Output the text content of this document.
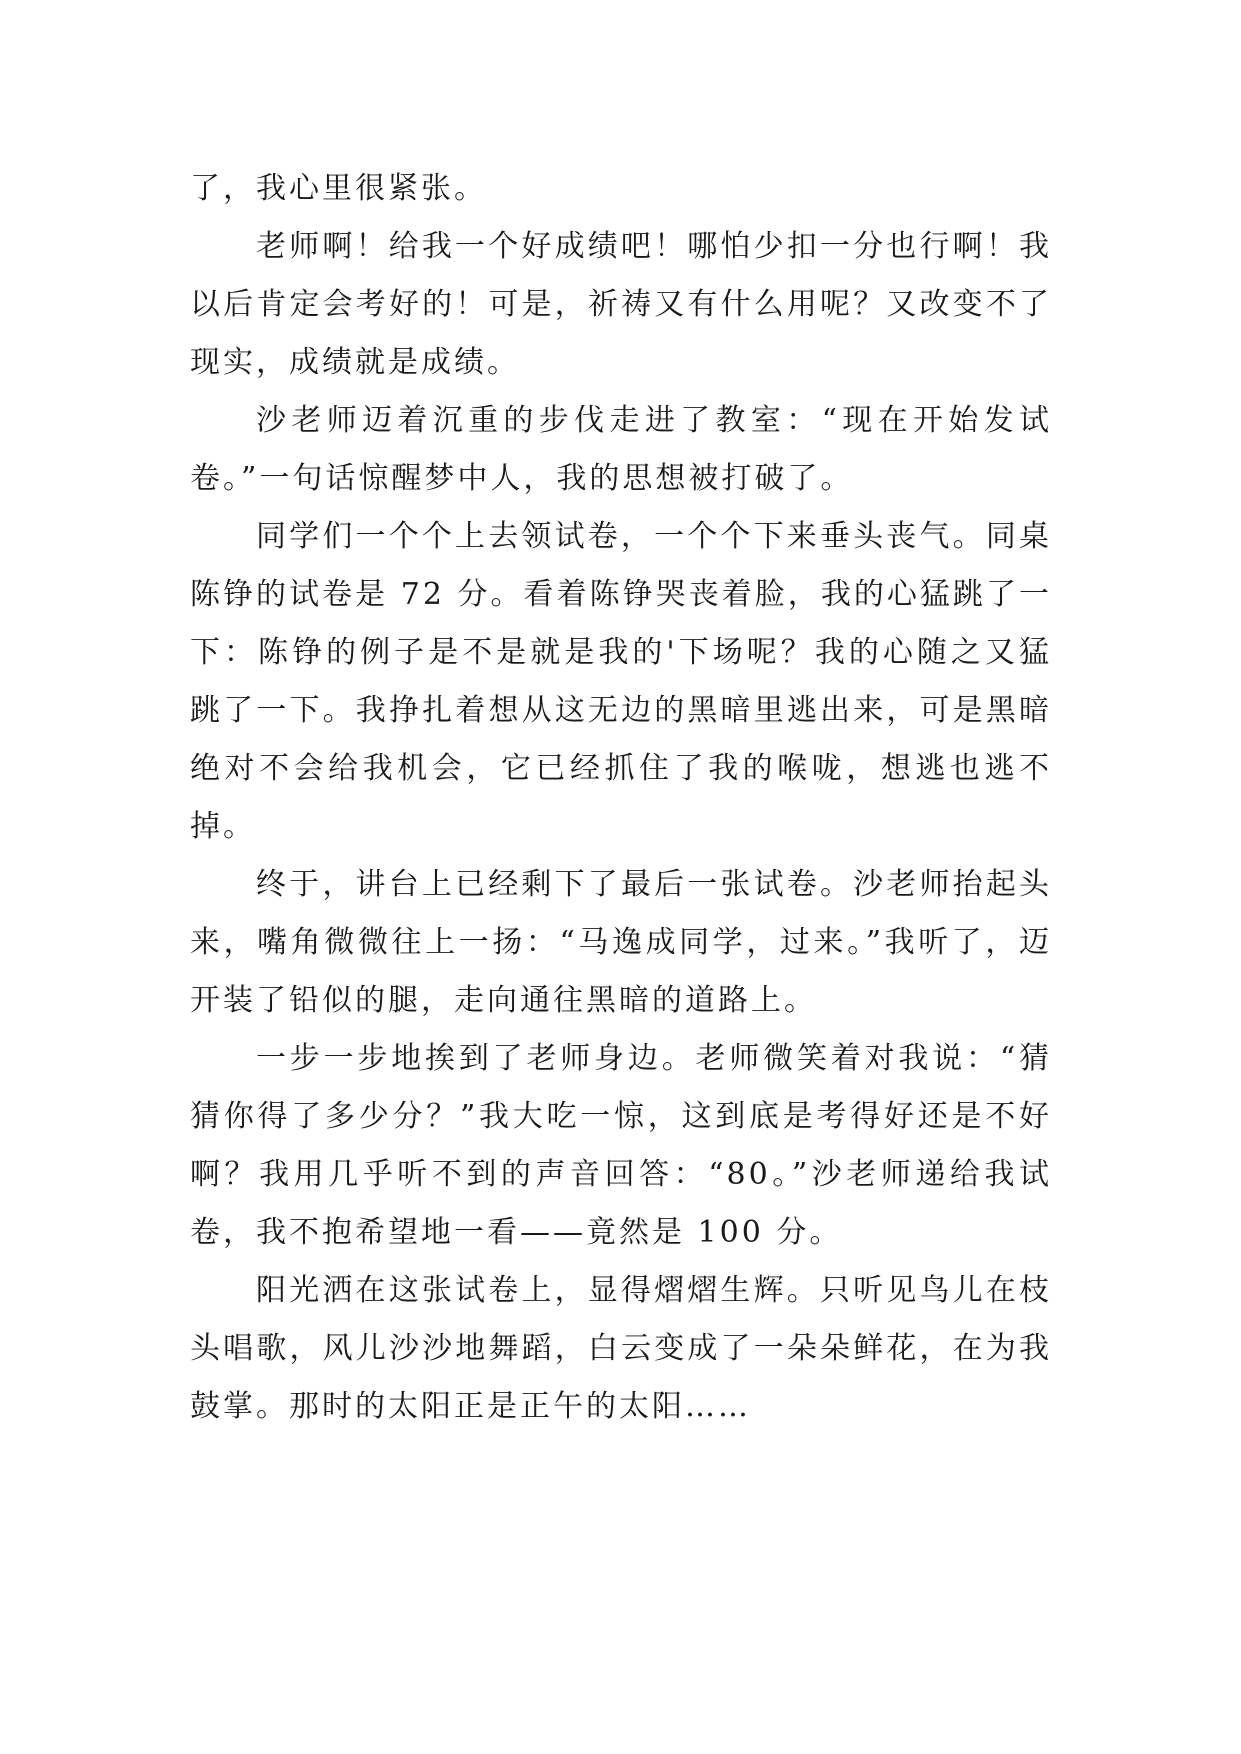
了，我心里很紧张。

老师啊！给我一个好成绩吧！哪怕少扣一分也行啊！我以后肯定会考好的！可是，祈祷又有什么用呢？又改变不了现实，成绩就是成绩。

沙老师迈着沉重的步伐走进了教室：“现在开始发试卷。”一句话惊醒梦中人，我的思想被打破了。

同学们一个个上去领试卷，一个个下来垂头丧气。同桌陈铮的试卷是 72 分。看着陈铮哭丧着脸，我的心猛跳了一下：陈铮的例子是不是就是我的'下场呢？我的心随之又猛跳了一下。我挣扎着想从这无边的黑暗里逃出来，可是黑暗绝对不会给我机会，它已经抓住了我的喉咙，想逃也逃不掉。

终于，讲台上已经剩下了最后一张试卷。沙老师抬起头来，嘴角微微往上一扬：“马逸成同学，过来。”我听了，迈开装了铅似的腿，走向通往黑暗的道路上。

一步一步地挨到了老师身边。老师微笑着对我说：“猜猜你得了多少分？”我大吃一惊，这到底是考得好还是不好啊？我用几乎听不到的声音回答：“80。”沙老师递给我试卷，我不抱希望地一看——竟然是 100 分。

阳光洒在这张试卷上，显得熠熠生辉。只听见鸟儿在枝头唱歌，风儿沙沙地舞蹈，白云变成了一朵朵鲜花，在为我鼓掌。那时的太阳正是正午的太阳……
